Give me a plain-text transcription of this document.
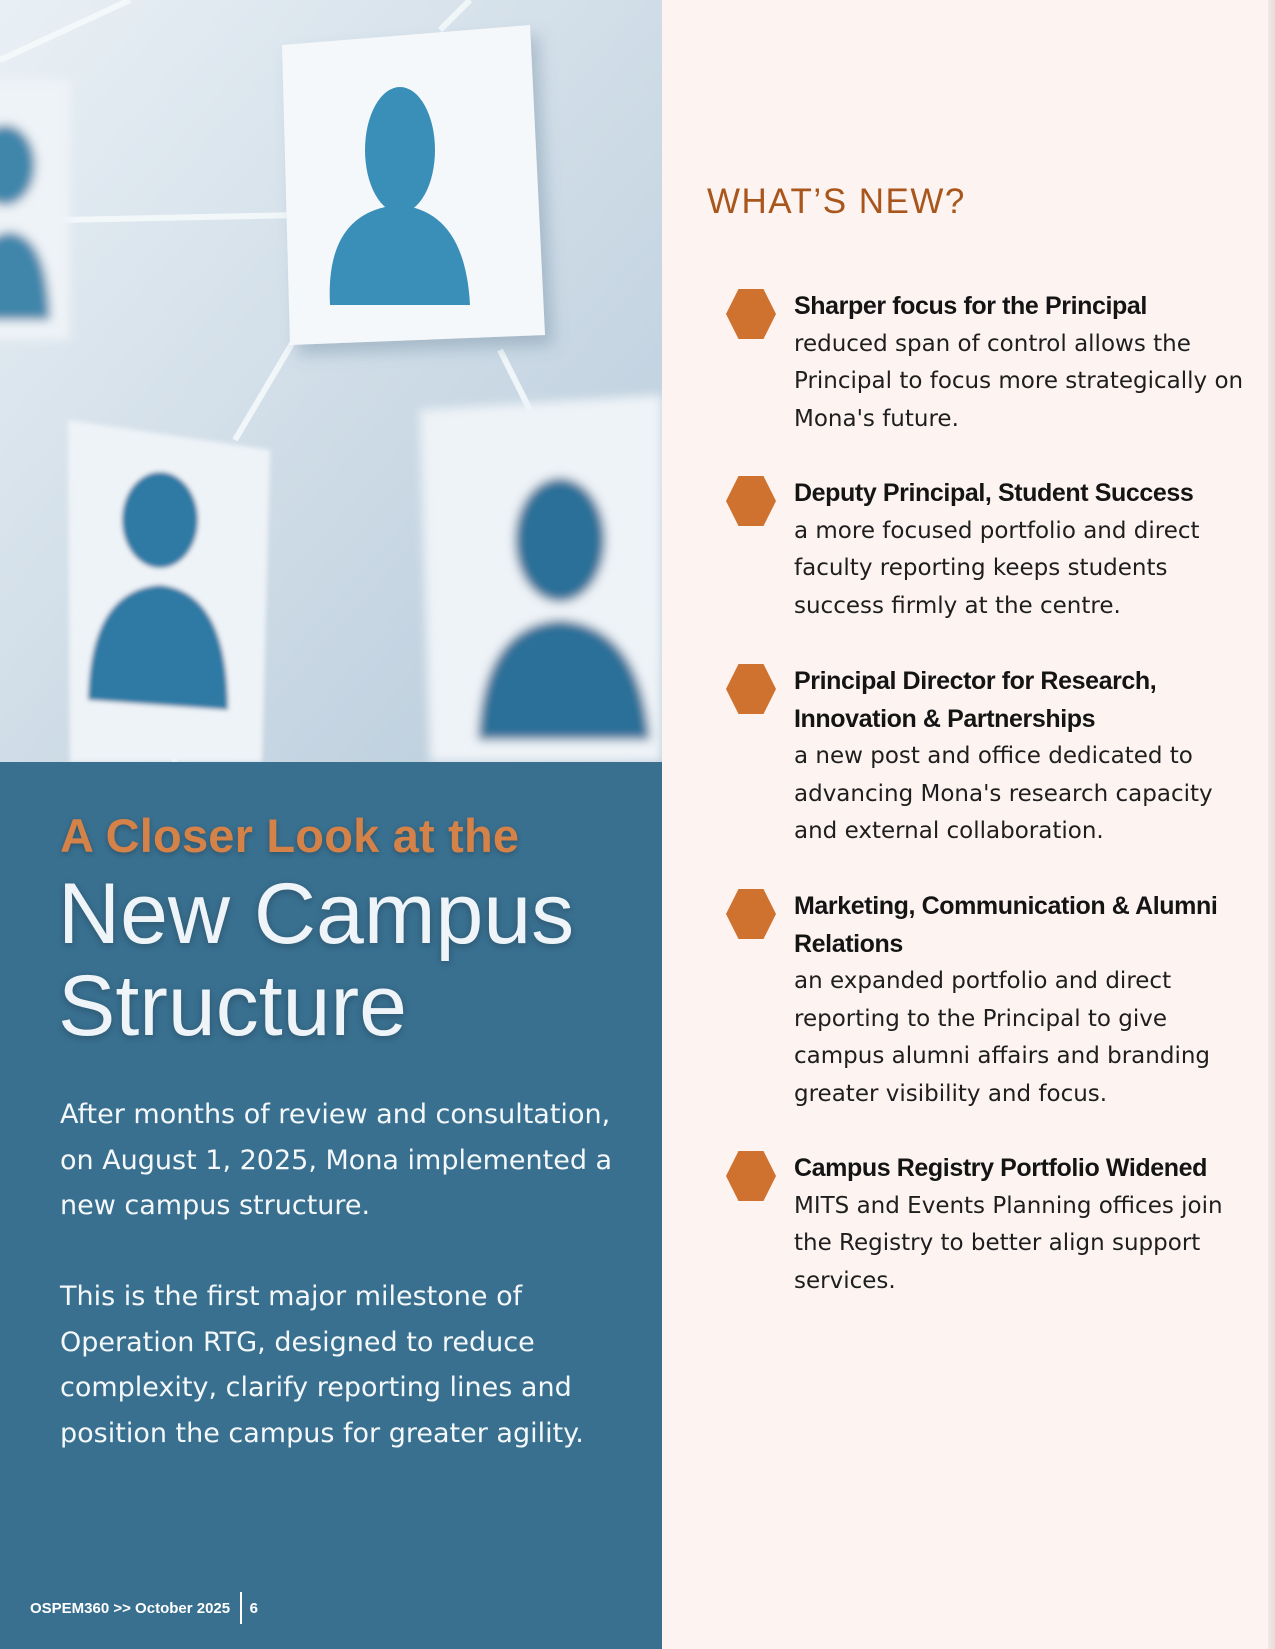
A Closer Look at the
New Campus
Structure

After months of review and consultation, on August 1, 2025, Mona implemented a new campus structure.

This is the first major milestone of Operation RTG, designed to reduce complexity, clarify reporting lines and position the campus for greater agility.

OSPEM360 >> October 2025 6
WHAT’S NEW?

Sharper focus for the Principal

reduced span of control allows the Principal to focus more strategically on Mona's future.

Deputy Principal, Student Success

a more focused portfolio and direct faculty reporting keeps students success firmly at the centre.

Principal Director for Research, Innovation & Partnerships

a new post and office dedicated to advancing Mona's research capacity and external collaboration.

Marketing, Communication & Alumni Relations

an expanded portfolio and direct reporting to the Principal to give campus alumni affairs and branding greater visibility and focus.

Campus Registry Portfolio Widened

MITS and Events Planning offices join the Registry to better align support services.
